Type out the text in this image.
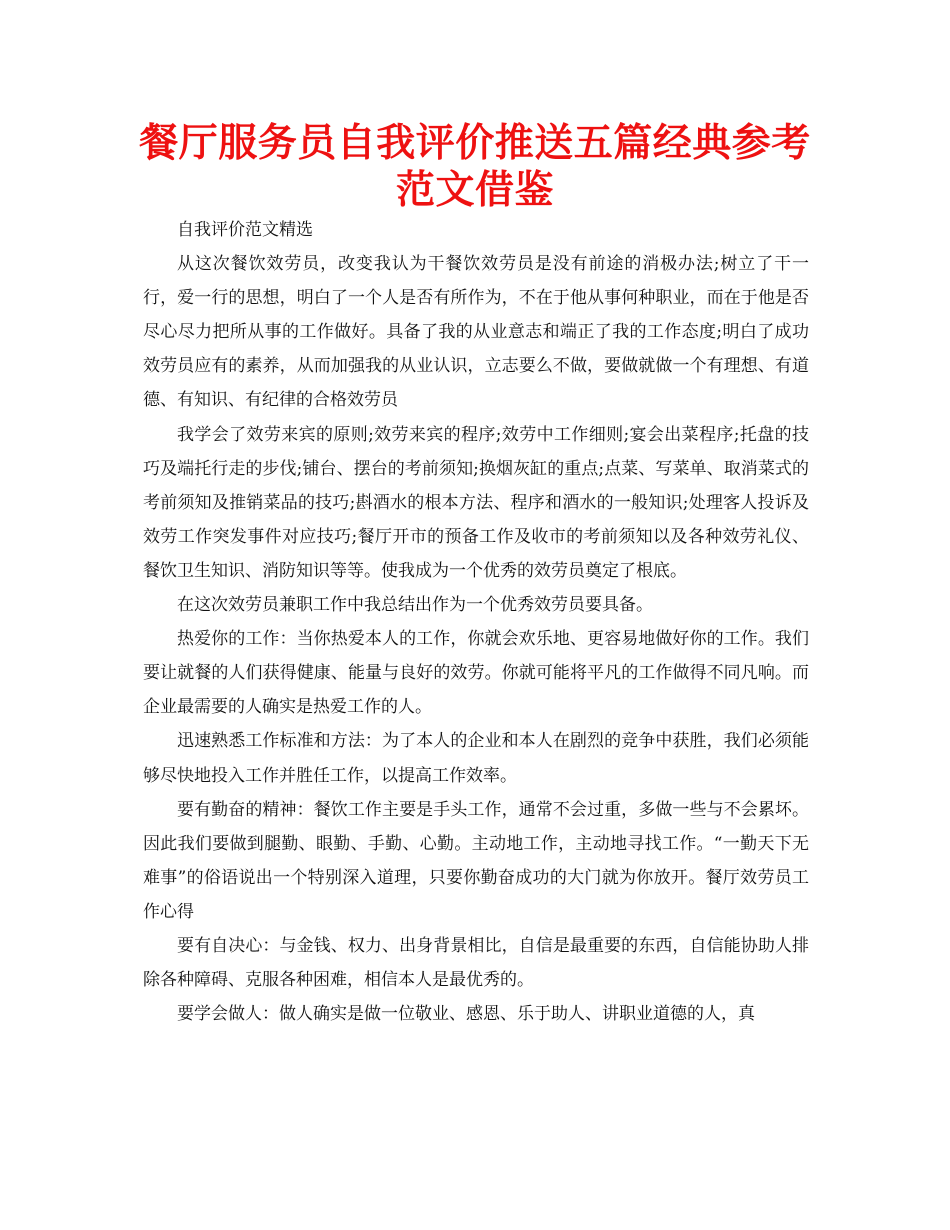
餐厅服务员自我评价推送五篇经典参考范文借鉴

自我评价范文精选

从这次餐饮效劳员，改变我认为干餐饮效劳员是没有前途的消极办法;树立了干一行，爱一行的思想，明白了一个人是否有所作为，不在于他从事何种职业，而在于他是否尽心尽力把所从事的工作做好。具备了我的从业意志和端正了我的工作态度;明白了成功效劳员应有的素养，从而加强我的从业认识，立志要么不做，要做就做一个有理想、有道德、有知识、有纪律的合格效劳员

我学会了效劳来宾的原则;效劳来宾的程序;效劳中工作细则;宴会出菜程序;托盘的技巧及端托行走的步伐;铺台、摆台的考前须知;换烟灰缸的重点;点菜、写菜单、取消菜式的考前须知及推销菜品的技巧;斟酒水的根本方法、程序和酒水的一般知识;处理客人投诉及效劳工作突发事件对应技巧;餐厅开市的预备工作及收市的考前须知以及各种效劳礼仪、餐饮卫生知识、消防知识等等。使我成为一个优秀的效劳员奠定了根底。

在这次效劳员兼职工作中我总结出作为一个优秀效劳员要具备。

热爱你的工作：当你热爱本人的工作，你就会欢乐地、更容易地做好你的工作。我们要让就餐的人们获得健康、能量与良好的效劳。你就可能将平凡的工作做得不同凡响。而企业最需要的人确实是热爱工作的人。

迅速熟悉工作标准和方法：为了本人的企业和本人在剧烈的竞争中获胜，我们必须能够尽快地投入工作并胜任工作，以提高工作效率。

要有勤奋的精神：餐饮工作主要是手头工作，通常不会过重，多做一些与不会累坏。因此我们要做到腿勤、眼勤、手勤、心勤。主动地工作，主动地寻找工作。“一勤天下无难事”的俗语说出一个特别深入道理，只要你勤奋成功的大门就为你放开。餐厅效劳员工作心得

要有自决心：与金钱、权力、出身背景相比，自信是最重要的东西，自信能协助人排除各种障碍、克服各种困难，相信本人是最优秀的。

要学会做人：做人确实是做一位敬业、感恩、乐于助人、讲职业道德的人，真
